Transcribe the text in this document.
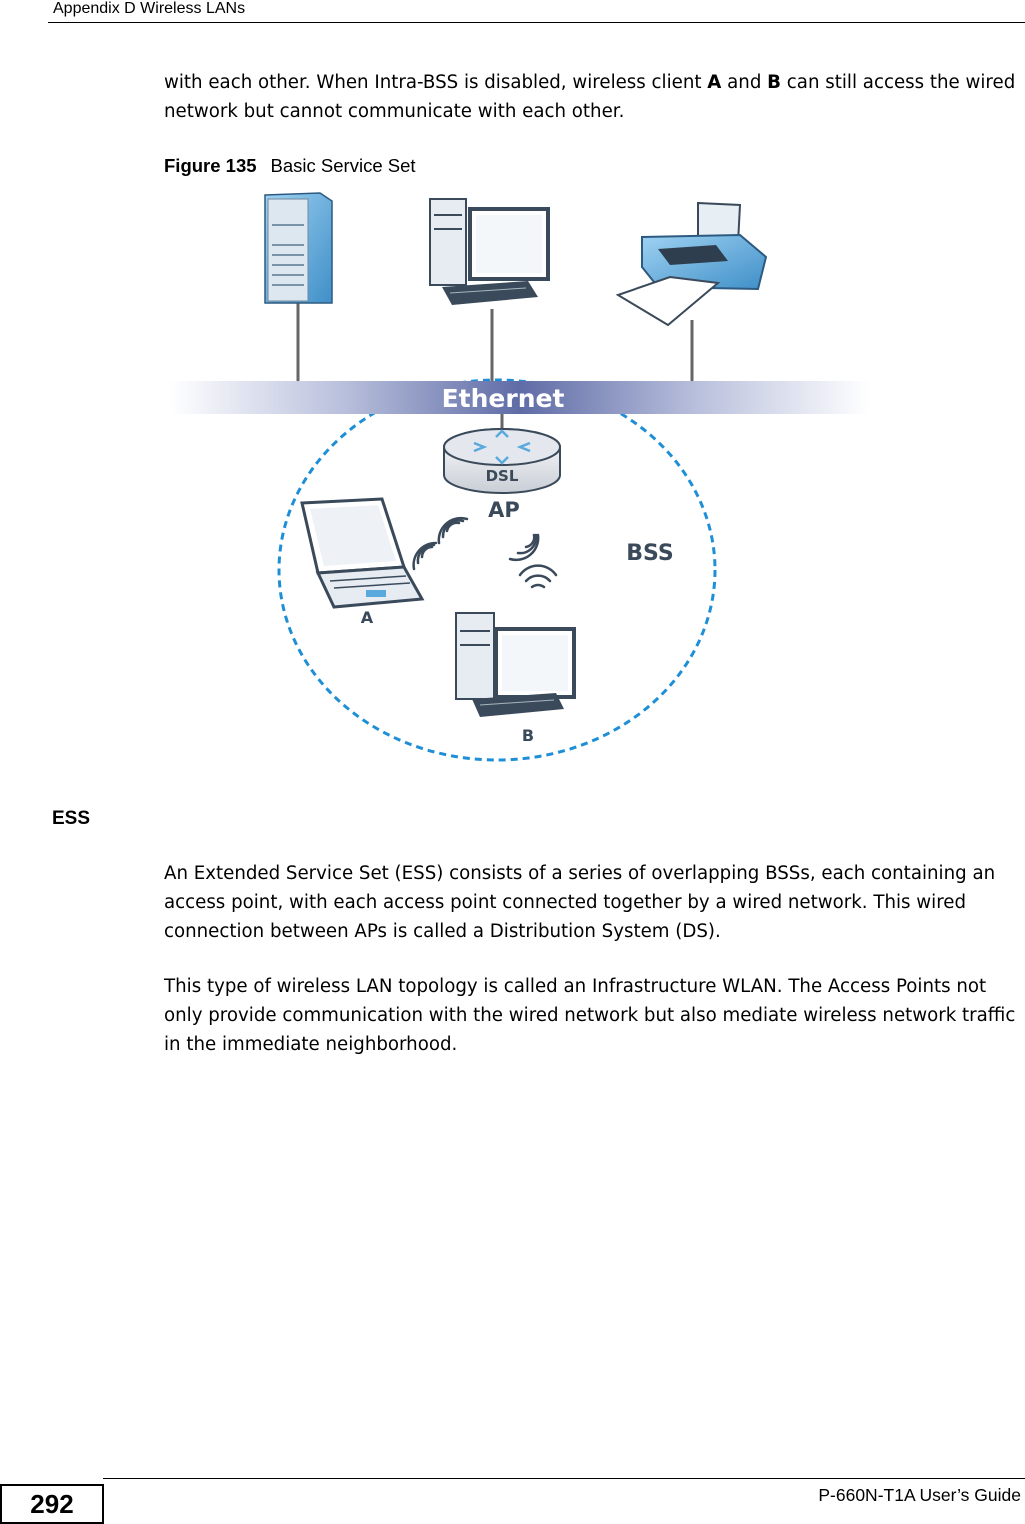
Appendix D Wireless LANs

with each other. When Intra-BSS is disabled, wireless client A and B can still access the wired network but cannot communicate with each other.

Figure 135 Basic Service Set
Ethernet
DSL
AP
BSS
A
B
ESS

An Extended Service Set (ESS) consists of a series of overlapping BSSs, each containing an access point, with each access point connected together by a wired network. This wired connection between APs is called a Distribution System (DS).

This type of wireless LAN topology is called an Infrastructure WLAN. The Access Points not only provide communication with the wired network but also mediate wireless network traffic in the immediate neighborhood.

292	P-660N-T1A User’s Guide
